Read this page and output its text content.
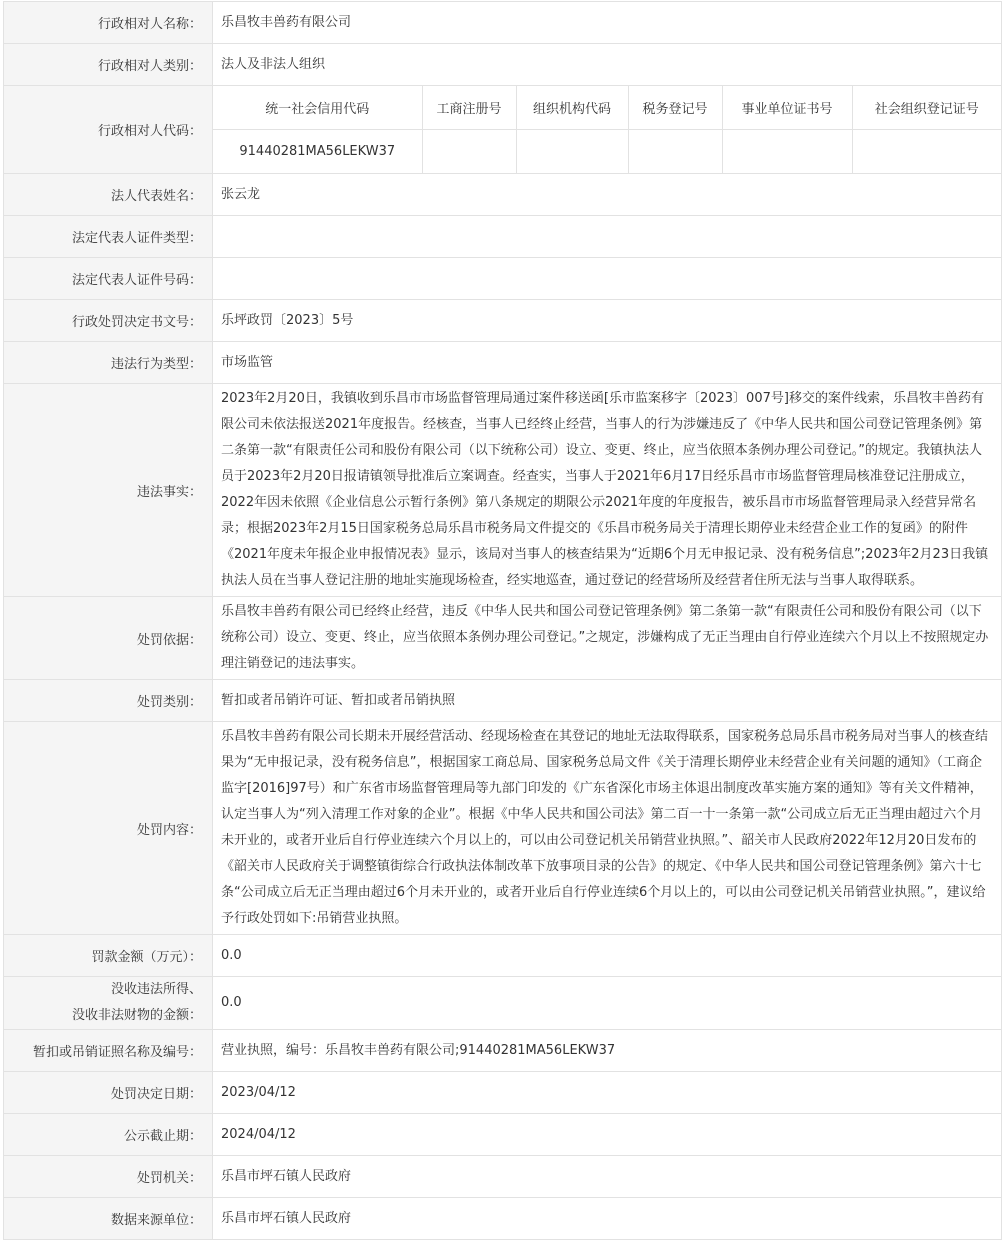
行政相对人名称：	乐昌牧丰兽药有限公司
行政相对人类别：	法人及非法人组织
行政相对人代码：	
统一社会信用代码	工商注册号	组织机构代码	税务登记号	事业单位证书号	社会组织登记证号
91440281MA56LEKW37					

法人代表姓名：	张云龙
法定代表人证件类型：	
法定代表人证件号码：	
行政处罚决定书文号：	乐坪政罚〔2023〕5号
违法行为类型：	市场监管
违法事实：	2023年2月20日，我镇收到乐昌市市场监督管理局通过案件移送函[乐市监案移字〔2023〕007号]移交的案件线索，乐昌牧丰兽药有限公司未依法报送2021年度报告。经核查，当事人已经终止经营，当事人的行为涉嫌违反了《中华人民共和国公司登记管理条例》第二条第一款“有限责任公司和股份有限公司（以下统称公司）设立、变更、终止，应当依照本条例办理公司登记。”的规定。我镇执法人员于2023年2月20日报请镇领导批准后立案调查。经查实，当事人于2021年6月17日经乐昌市市场监督管理局核准登记注册成立，2022年因未依照《企业信息公示暂行条例》第八条规定的期限公示2021年度的年度报告，被乐昌市市场监督管理局录入经营异常名录；根据2023年2月15日国家税务总局乐昌市税务局文件提交的《乐昌市税务局关于清理长期停业未经营企业工作的复函》的附件《2021年度未年报企业申报情况表》显示，该局对当事人的核查结果为“近期6个月无申报记录、没有税务信息”;2023年2月23日我镇执法人员在当事人登记注册的地址实施现场检查，经实地巡查，通过登记的经营场所及经营者住所无法与当事人取得联系。
处罚依据：	乐昌牧丰兽药有限公司已经终止经营，违反《中华人民共和国公司登记管理条例》第二条第一款“有限责任公司和股份有限公司（以下统称公司）设立、变更、终止，应当依照本条例办理公司登记。”之规定，涉嫌构成了无正当理由自行停业连续六个月以上不按照规定办理注销登记的违法事实。
处罚类别：	暂扣或者吊销许可证、暂扣或者吊销执照
处罚内容：	乐昌牧丰兽药有限公司长期未开展经营活动、经现场检查在其登记的地址无法取得联系，国家税务总局乐昌市税务局对当事人的核查结果为“无申报记录，没有税务信息”，根据国家工商总局、国家税务总局文件《关于清理长期停业未经营企业有关问题的通知》（工商企监字[2016]97号）和广东省市场监督管理局等九部门印发的《广东省深化市场主体退出制度改革实施方案的通知》等有关文件精神，认定当事人为“列入清理工作对象的企业”。根据《中华人民共和国公司法》第二百一十一条第一款“公司成立后无正当理由超过六个月未开业的，或者开业后自行停业连续六个月以上的，可以由公司登记机关吊销营业执照。”、韶关市人民政府2022年12月20日发布的《韶关市人民政府关于调整镇街综合行政执法体制改革下放事项目录的公告》的规定、《中华人民共和国公司登记管理条例》第六十七条“公司成立后无正当理由超过6个月未开业的，或者开业后自行停业连续6个月以上的，可以由公司登记机关吊销营业执照。”，建议给予行政处罚如下:吊销营业执照。
罚款金额（万元）：	0.0

没收违法所得、
没收非法财物的金额：
	0.0
暂扣或吊销证照名称及编号：	营业执照，编号：乐昌牧丰兽药有限公司;91440281MA56LEKW37
处罚决定日期：	2023/04/12
公示截止期：	2024/04/12
处罚机关：	乐昌市坪石镇人民政府
数据来源单位：	乐昌市坪石镇人民政府
